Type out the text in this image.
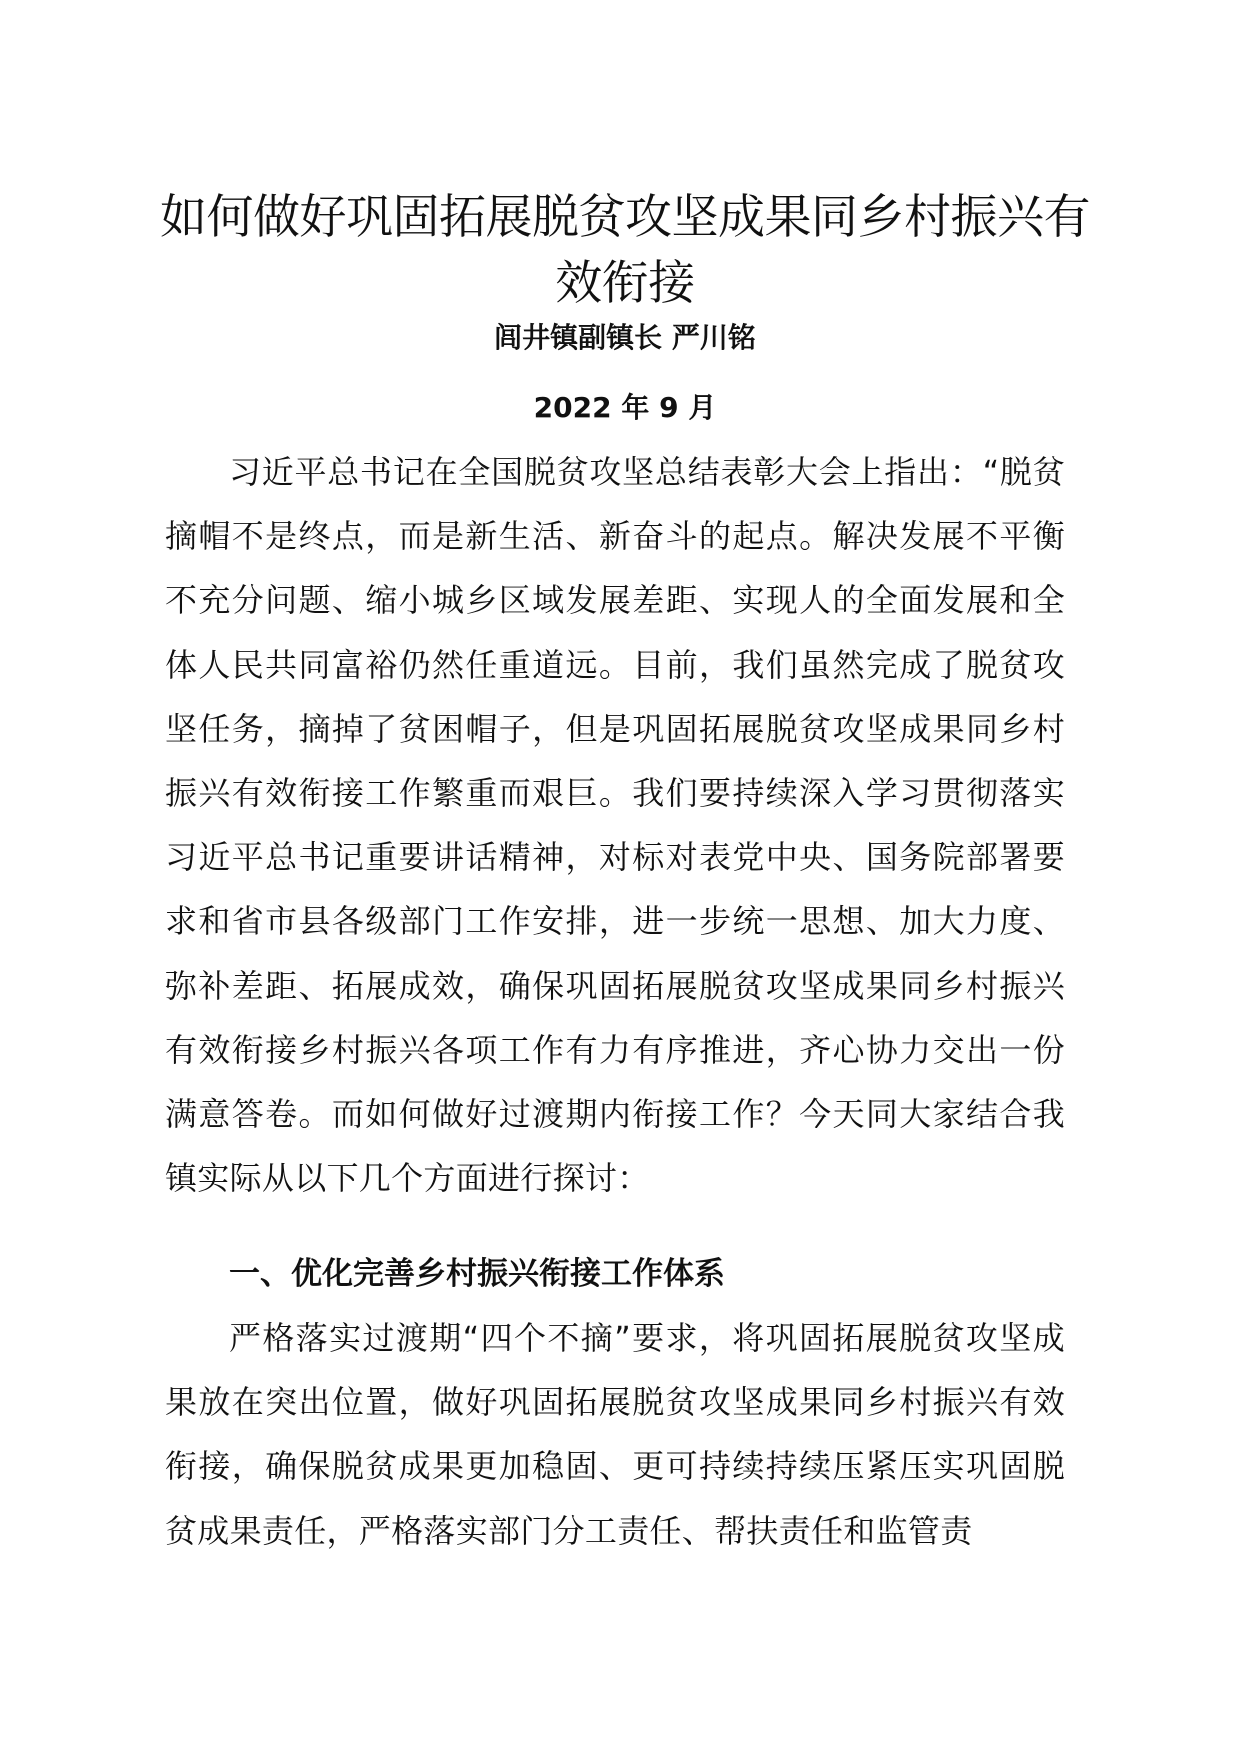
如何做好巩固拓展脱贫攻坚成果同乡村振兴有效衔接

闾井镇副镇长 严川铭

2022 年 9 月

习近平总书记在全国脱贫攻坚总结表彰大会上指出：“脱贫摘帽不是终点，而是新生活、新奋斗的起点。解决发展不平衡不充分问题、缩小城乡区域发展差距、实现人的全面发展和全体人民共同富裕仍然任重道远。目前，我们虽然完成了脱贫攻坚任务，摘掉了贫困帽子，但是巩固拓展脱贫攻坚成果同乡村振兴有效衔接工作繁重而艰巨。我们要持续深入学习贯彻落实习近平总书记重要讲话精神，对标对表党中央、国务院部署要求和省市县各级部门工作安排，进一步统一思想、加大力度、弥补差距、拓展成效，确保巩固拓展脱贫攻坚成果同乡村振兴有效衔接乡村振兴各项工作有力有序推进，齐心协力交出一份满意答卷。而如何做好过渡期内衔接工作？今天同大家结合我镇实际从以下几个方面进行探讨：

一、优化完善乡村振兴衔接工作体系

严格落实过渡期“四个不摘”要求，将巩固拓展脱贫攻坚成果放在突出位置，做好巩固拓展脱贫攻坚成果同乡村振兴有效衔接，确保脱贫成果更加稳固、更可持续持续压紧压实巩固脱贫成果责任，严格落实部门分工责任、帮扶责任和监管责
